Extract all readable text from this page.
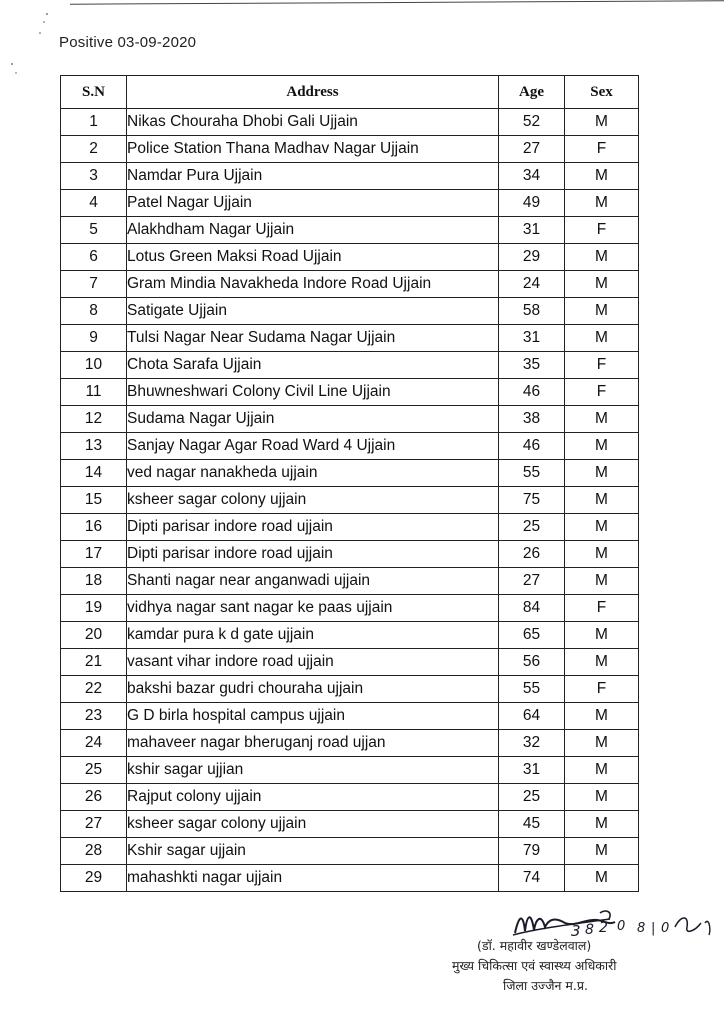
Positive 03-09-2020
S.N	Address	Age	Sex
1	Nikas Chouraha Dhobi Gali Ujjain	52	M
2	Police Station Thana Madhav Nagar Ujjain	27	F
3	Namdar Pura Ujjain	34	M
4	Patel Nagar Ujjain	49	M
5	Alakhdham Nagar Ujjain	31	F
6	Lotus Green Maksi Road Ujjain	29	M
7	Gram Mindia Navakheda Indore Road Ujjain	24	M
8	Satigate Ujjain	58	M
9	Tulsi Nagar Near Sudama Nagar Ujjain	31	M
10	Chota Sarafa Ujjain	35	F
11	Bhuwneshwari Colony Civil Line Ujjain	46	F
12	Sudama Nagar Ujjain	38	M
13	Sanjay Nagar Agar Road Ward 4 Ujjain	46	M
14	ved nagar nanakheda ujjain	55	M
15	ksheer sagar colony ujjain	75	M
16	Dipti parisar indore road ujjain	25	M
17	Dipti parisar indore road ujjain	26	M
18	Shanti nagar near anganwadi ujjain	27	M
19	vidhya nagar sant nagar ke paas ujjain	84	F
20	kamdar pura k d gate ujjain	65	M
21	vasant vihar indore road ujjain	56	M
22	bakshi bazar gudri chouraha ujjain	55	F
23	G D birla hospital campus ujjain	64	M
24	mahaveer nagar bheruganj road ujjan	32	M
25	kshir sagar ujjian	31	M
26	Rajput colony ujjain	25	M
27	ksheer sagar colony ujjain	45	M
28	Kshir sagar ujjain	79	M
29	mahashkti nagar ujjain	74	M
3 8 2 0 8 | 0
(डॉ. महावीर खण्डेलवाल)
मुख्य चिकित्सा एवं स्वास्थ्य अधिकारी
जिला उज्जैन म.प्र.
